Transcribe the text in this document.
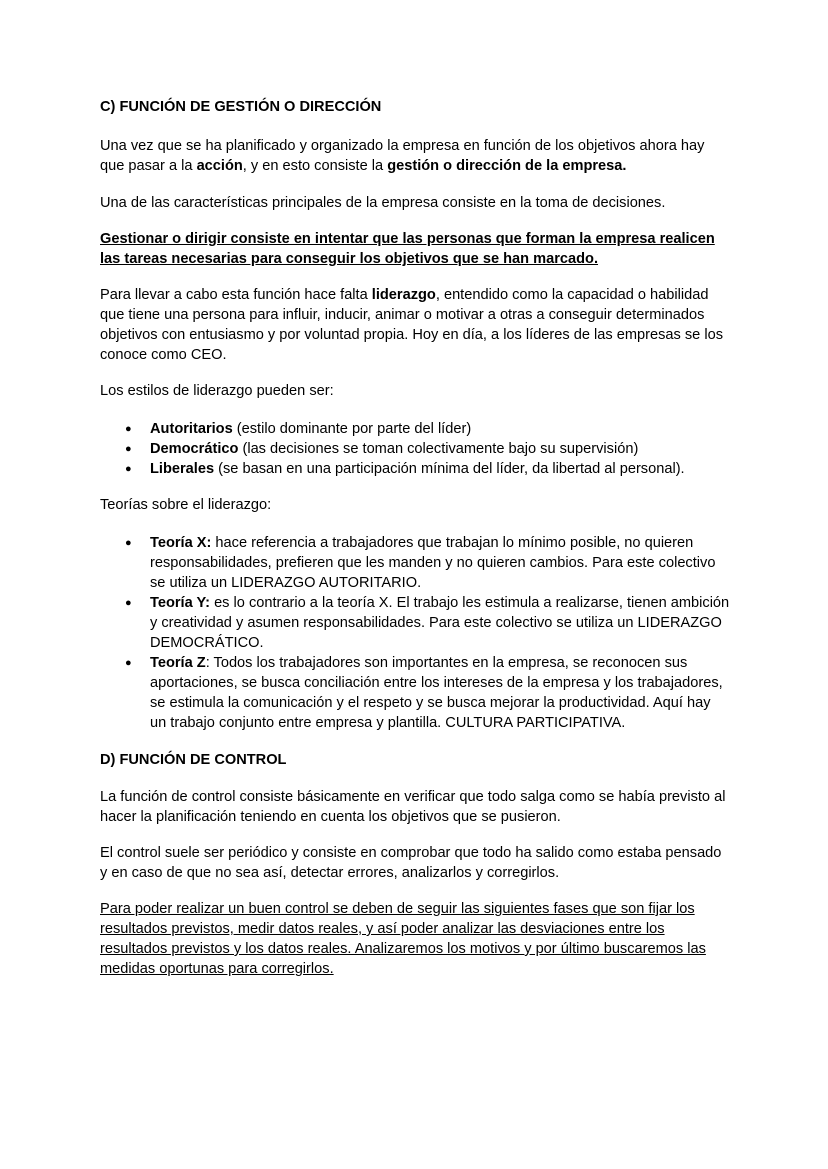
C) FUNCIÓN DE GESTIÓN O DIRECCIÓN

Una vez que se ha planificado y organizado la empresa en función de los objetivos ahora hay que pasar a la acción, y en esto consiste la gestión o dirección de la empresa.

Una de las características principales de la empresa consiste en la toma de decisiones.

Gestionar o dirigir consiste en intentar que las personas que forman la empresa realicen las tareas necesarias para conseguir los objetivos que se han marcado.

Para llevar a cabo esta función hace falta liderazgo, entendido como la capacidad o habilidad que tiene una persona para influir, inducir, animar o motivar a otras a conseguir determinados objetivos con entusiasmo y por voluntad propia. Hoy en día, a los líderes de las empresas se los conoce como CEO.

Los estilos de liderazgo pueden ser:

● Autoritarios (estilo dominante por parte del líder)
● Democrático (las decisiones se toman colectivamente bajo su supervisión)
● Liberales (se basan en una participación mínima del líder, da libertad al personal).

Teorías sobre el liderazgo:

● Teoría X: hace referencia a trabajadores que trabajan lo mínimo posible, no quieren responsabilidades, prefieren que les manden y no quieren cambios. Para este colectivo se utiliza un LIDERAZGO AUTORITARIO.
● Teoría Y: es lo contrario a la teoría X. El trabajo les estimula a realizarse, tienen ambición y creatividad y asumen responsabilidades. Para este colectivo se utiliza un LIDERAZGO DEMOCRÁTICO.
● Teoría Z: Todos los trabajadores son importantes en la empresa, se reconocen sus aportaciones, se busca conciliación entre los intereses de la empresa y los trabajadores, se estimula la comunicación y el respeto y se busca mejorar la productividad. Aquí hay un trabajo conjunto entre empresa y plantilla. CULTURA PARTICIPATIVA.
D) FUNCIÓN DE CONTROL

La función de control consiste básicamente en verificar que todo salga como se había previsto al hacer la planificación teniendo en cuenta los objetivos que se pusieron.

El control suele ser periódico y consiste en comprobar que todo ha salido como estaba pensado y en caso de que no sea así, detectar errores, analizarlos y corregirlos.

Para poder realizar un buen control se deben de seguir las siguientes fases que son fijar los resultados previstos, medir datos reales, y así poder analizar las desviaciones entre los resultados previstos y los datos reales. Analizaremos los motivos y por último buscaremos las medidas oportunas para corregirlos.
